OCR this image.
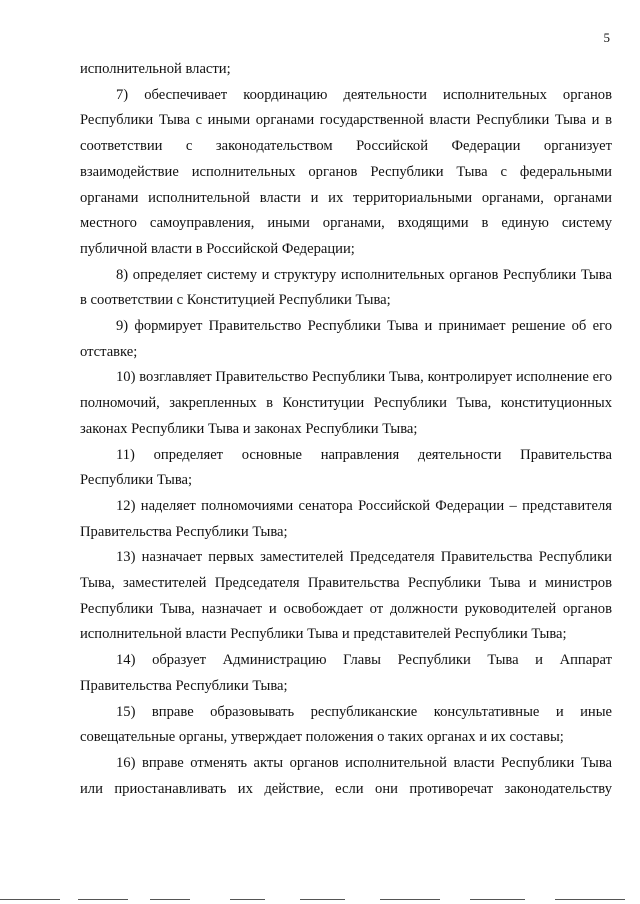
5

исполнительной власти;

7) обеспечивает координацию деятельности исполнительных органов Республики Тыва с иными органами государственной власти Республики Тыва и в соответствии с законодательством Российской Федерации организует взаимодействие исполнительных органов Республики Тыва с федеральными органами исполнительной власти и их территориальными органами, органами местного самоуправления, иными органами, входящими в единую систему публичной власти в Российской Федерации;

8) определяет систему и структуру исполнительных органов Республики Тыва в соответствии с Конституцией Республики Тыва;

9) формирует Правительство Республики Тыва и принимает решение об его отставке;

10) возглавляет Правительство Республики Тыва, контролирует исполнение его полномочий, закрепленных в Конституции Республики Тыва, конституционных законах Республики Тыва и законах Республики Тыва;

11) определяет основные направления деятельности Правительства Республики Тыва;

12) наделяет полномочиями сенатора Российской Федерации – представителя Правительства Республики Тыва;

13) назначает первых заместителей Председателя Правительства Республики Тыва, заместителей Председателя Правительства Республики Тыва и министров Республики Тыва, назначает и освобождает от должности руководителей органов исполнительной власти Республики Тыва и представителей Республики Тыва;

14) образует Администрацию Главы Республики Тыва и Аппарат Правительства Республики Тыва;

15) вправе образовывать республиканские консультативные и иные совещательные органы, утверждает положения о таких органах и их составы;

16) вправе отменять акты органов исполнительной власти Республики Тыва или приостанавливать их действие, если они противоречат законодательству
